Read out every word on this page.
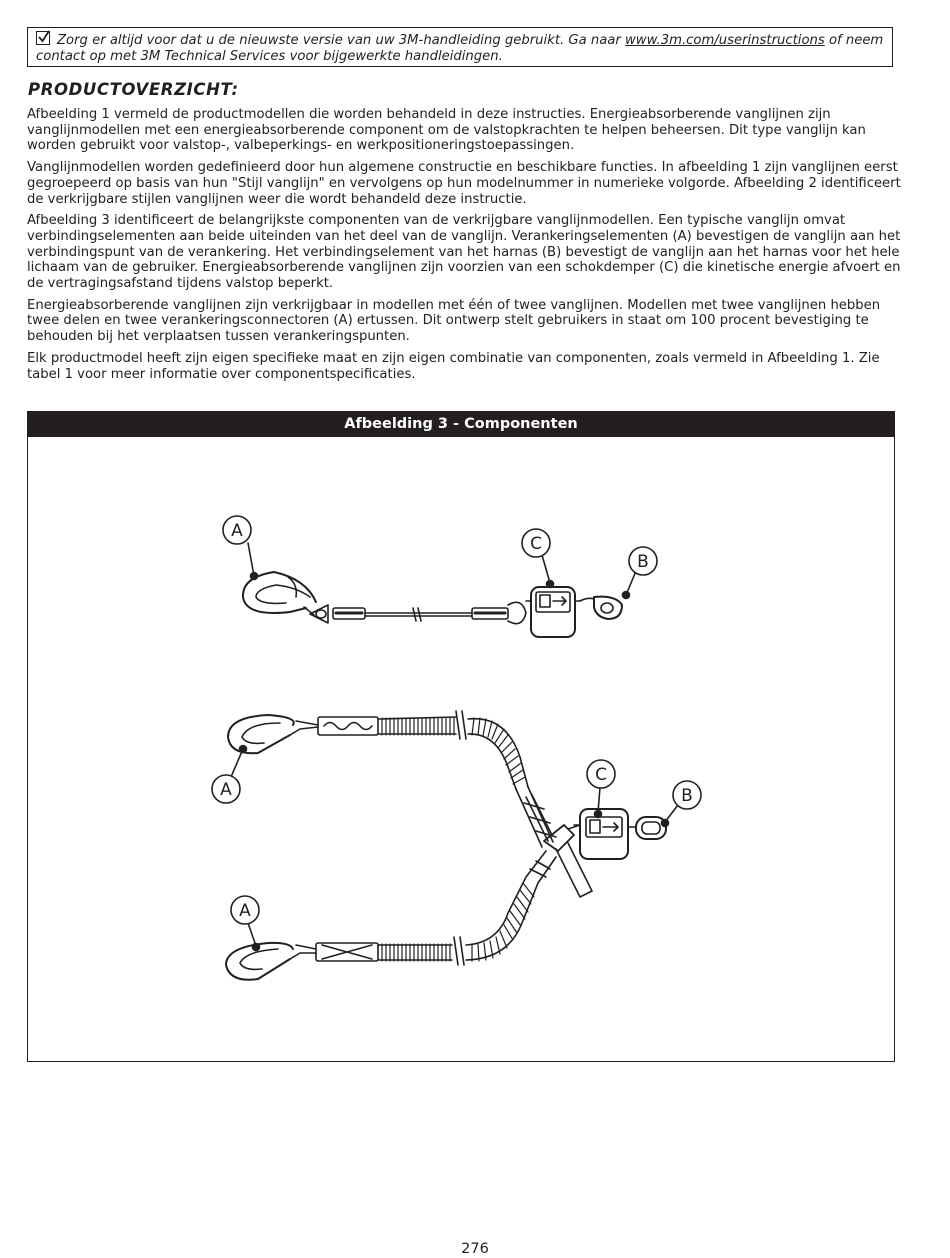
Zorg er altijd voor dat u de nieuwste versie van uw 3M-handleiding gebruikt. Ga naar www.3m.com/userinstructions of neem contact op met 3M Technical Services voor bijgewerkte handleidingen.
PRODUCTOVERZICHT:

Afbeelding 1 vermeld de productmodellen die worden behandeld in deze instructies. Energieabsorberende vanglijnen zijn vanglijnmodellen met een energieabsorberende component om de valstopkrachten te helpen beheersen. Dit type vanglijn kan worden gebruikt voor valstop-, valbeperkings- en werkpositioneringstoepassingen.

Vanglijnmodellen worden gedefinieerd door hun algemene constructie en beschikbare functies. In afbeelding 1 zijn vanglijnen eerst gegroepeerd op basis van hun "Stijl vanglijn" en vervolgens op hun modelnummer in numerieke volgorde. Afbeelding 2 identificeert de verkrijgbare stijlen vanglijnen weer die wordt behandeld deze instructie.

Afbeelding 3 identificeert de belangrijkste componenten van de verkrijgbare vanglijnmodellen. Een typische vanglijn omvat verbindingselementen aan beide uiteinden van het deel van de vanglijn. Verankeringselementen (A) bevestigen de vanglijn aan het verbindingspunt van de verankering. Het verbindingselement van het harnas (B) bevestigt de vanglijn aan het harnas voor het hele lichaam van de gebruiker. Energieabsorberende vanglijnen zijn voorzien van een schokdemper (C) die kinetische energie afvoert en de vertragingsafstand tijdens valstop beperkt.

Energieabsorberende vanglijnen zijn verkrijgbaar in modellen met één of twee vanglijnen. Modellen met twee vanglijnen hebben twee delen en twee verankeringsconnectoren (A) ertussen. Dit ontwerp stelt gebruikers in staat om 100 procent bevestiging te behouden bij het verplaatsen tussen verankeringspunten.

Elk productmodel heeft zijn eigen specifieke maat en zijn eigen combinatie van componenten, zoals vermeld in Afbeelding 1. Zie tabel 1 voor meer informatie over componentspecificaties.

Afbeelding 3 - Componenten
A
C
B
A
C
B
A
276
